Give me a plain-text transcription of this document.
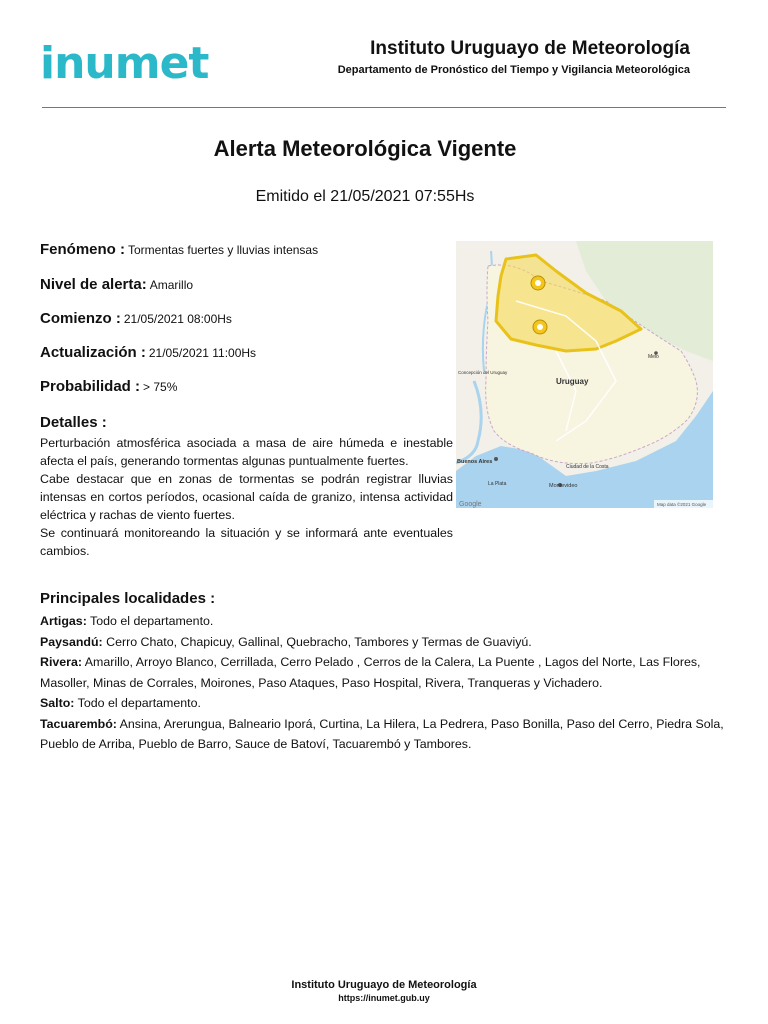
inumet	Instituto Uruguayo de Meteorología
Departamento de Pronóstico del Tiempo y Vigilancia Meteorológica
Alerta Meteorológica Vigente
Emitido el 21/05/2021 07:55Hs
Fenómeno : Tormentas fuertes y lluvias intensas
Nivel de alerta: Amarillo
Comienzo : 21/05/2021 08:00Hs
Actualización : 21/05/2021 11:00Hs
Probabilidad : > 75%
Detalles :

Perturbación atmosférica asociada a masa de aire húmeda e inestable afecta el país, generando tormentas algunas puntualmente fuertes.

Cabe destacar que en zonas de tormentas se podrán registrar lluvias intensas en cortos períodos, ocasional caída de granizo, intensa actividad eléctrica y rachas de viento fuertes.

Se continuará monitoreando la situación y se informará ante eventuales cambios.

Uruguay
Buenos Aires
Montevideo
Ciudad de la Costa
La Plata
Melo
Concepción del Uruguay
Google	Map data ©2021 Google
Principales localidades :

Artigas: Todo el departamento.

Paysandú: Cerro Chato, Chapicuy, Gallinal, Quebracho, Tambores y Termas de Guaviyú.

Rivera: Amarillo, Arroyo Blanco, Cerrillada, Cerro Pelado , Cerros de la Calera, La Puente , Lagos del Norte, Las Flores, Masoller, Minas de Corrales, Moirones, Paso Ataques, Paso Hospital, Rivera, Tranqueras y Vichadero.

Salto: Todo el departamento.

Tacuarembó: Ansina, Arerungua, Balneario Iporá, Curtina, La Hilera, La Pedrera, Paso Bonilla, Paso del Cerro, Piedra Sola, Pueblo de Arriba, Pueblo de Barro, Sauce de Batoví, Tacuarembó y Tambores.

Instituto Uruguayo de Meteorología
https://inumet.gub.uy
